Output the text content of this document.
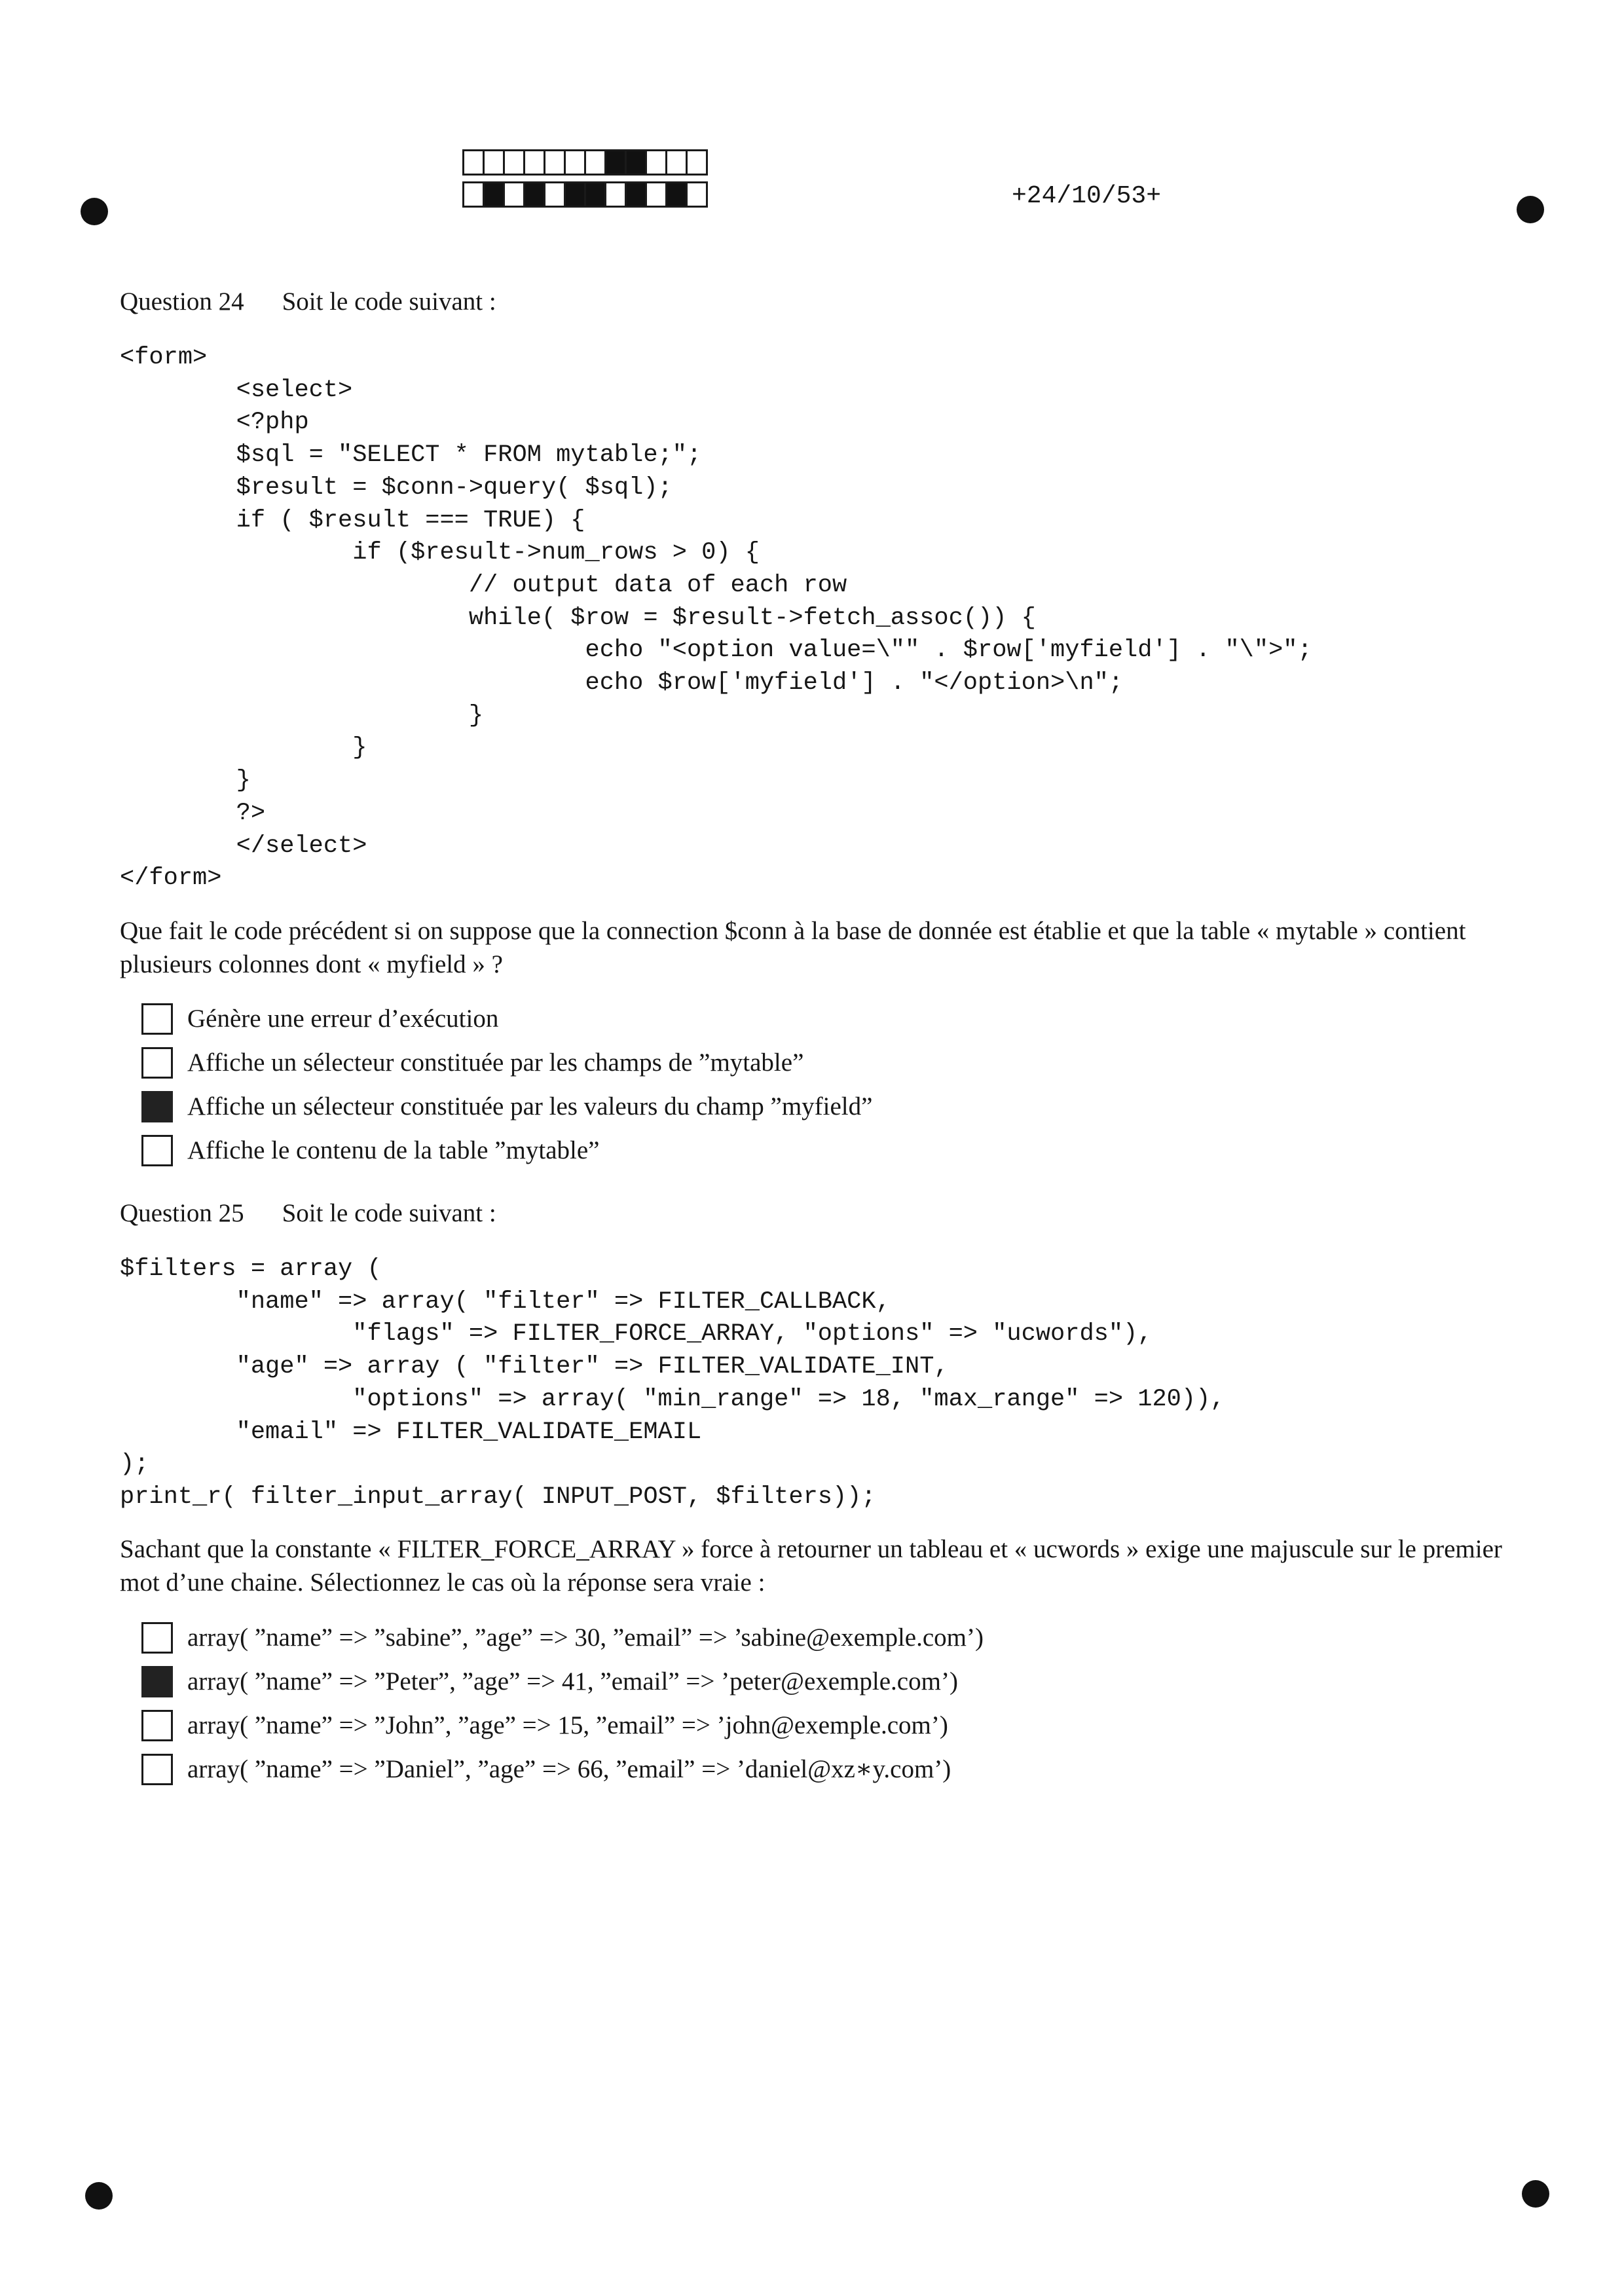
+24/10/53+
Question 24 Soit le code suivant :
<form>
<select>
<?php
$sql = "SELECT * FROM mytable;";
$result = $conn->query( $sql);
if ( $result === TRUE) {
if ($result->num_rows > 0) {
// output data of each row
while( $row = $result->fetch_assoc()) {
echo "<option value=\"" . $row['myfield'] . "\">";
echo $row['myfield'] . "</option>\n";
}
}
}
?>
</select>
</form>

Que fait le code précédent si on suppose que la connection $conn à la base de donnée est établie et que la table « mytable » contient plusieurs colonnes dont « myfield » ?

Génère une erreur d’exécution
Affiche un sélecteur constituée par les champs de ”mytable”
Affiche un sélecteur constituée par les valeurs du champ ”myfield”
Affiche le contenu de la table ”mytable”
Question 25 Soit le code suivant :
$filters = array (
"name" => array( "filter" => FILTER_CALLBACK,
"flags" => FILTER_FORCE_ARRAY, "options" => "ucwords"),
"age" => array ( "filter" => FILTER_VALIDATE_INT,
"options" => array( "min_range" => 18, "max_range" => 120)),
"email" => FILTER_VALIDATE_EMAIL
);
print_r( filter_input_array( INPUT_POST, $filters));

Sachant que la constante « FILTER_FORCE_ARRAY » force à retourner un tableau et « ucwords » exige une majuscule sur le premier mot d’une chaine. Sélectionnez le cas où la réponse sera vraie :

array( ”name” => ”sabine”, ”age” => 30, ”email” => ’sabine@exemple.com’)
array( ”name” => ”Peter”, ”age” => 41, ”email” => ’peter@exemple.com’)
array( ”name” => ”John”, ”age” => 15, ”email” => ’john@exemple.com’)
array( ”name” => ”Daniel”, ”age” => 66, ”email” => ’daniel@xz∗y.com’)
